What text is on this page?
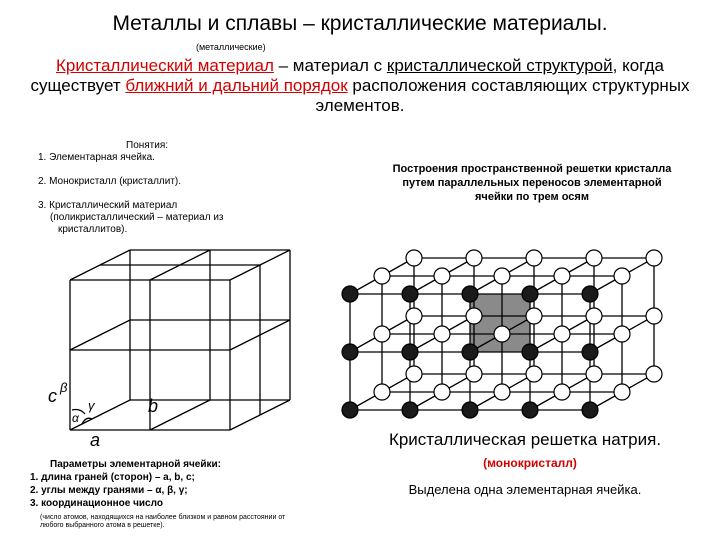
Металлы и сплавы – кристаллические материалы.
(металлические)
Кристаллический материал – материал с кристаллической структурой, когда существует ближний и дальний порядок расположения составляющих структурных элементов.
Понятия:
1. Элементарная ячейка.
2. Монокристалл (кристаллит).
3. Кристаллический материал
(поликристаллический – материал из
кристаллитов).
Построения пространственной решетки кристалла путем параллельных переносов элементарной ячейки по трем осям
c β
γ
α
b
a	Кристаллическая решетка натрия.
(монокристалл)
Выделена одна элементарная ячейка.
Параметры элементарной ячейки:
1. длина граней (сторон) – a, b, c;
2. углы между гранями – α, β, γ;
3. координационное число
(число атомов, находящихся на наиболее близком и равном расстоянии от любого выбранного атома в решетке).
